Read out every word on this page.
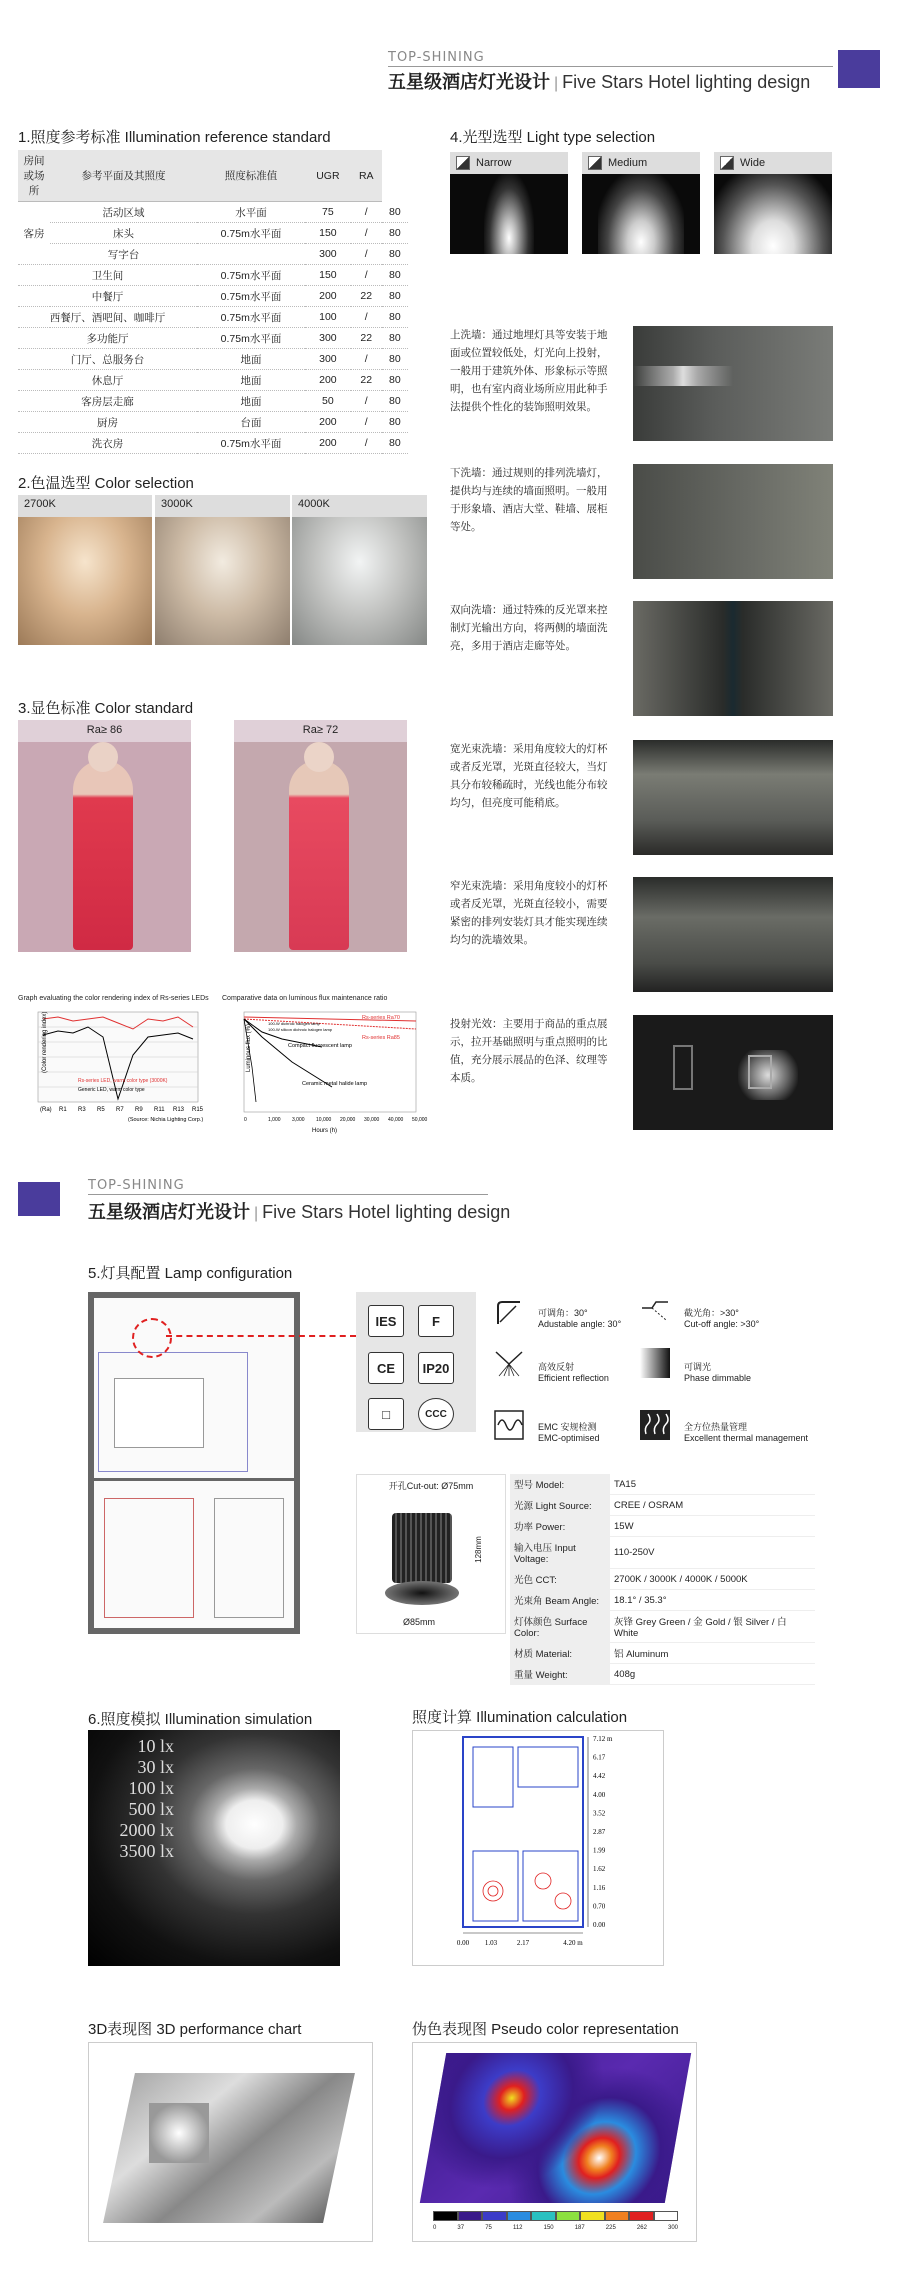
TOP-SHINING
五星级酒店灯光设计 | Five Stars Hotel lighting design
1.照度参考标准 Illumination reference standard
房间或场所	参考平面及其照度	照度标准值	UGR	RA	
客房	活动区域	水平面	75	/	80
	床头	0.75m水平面	150	/	80
	写字台		300	/	80
卫生间		0.75m水平面	150	/	80
中餐厅		0.75m水平面	200	22	80
西餐厅、酒吧间、咖啡厅		0.75m水平面	100	/	80
多功能厅		0.75m水平面	300	22	80
门厅、总服务台		地面	300	/	80
休息厅		地面	200	22	80
客房层走廊		地面	50	/	80
厨房		台面	200	/	80
洗衣房		0.75m水平面	200	/	80
2.色温选型 Color selection
2700K	3000K	4000K
3.显色标准 Color standard
Ra≥ 86	Ra≥ 72
Graph evaluating the color rendering index of Rs-series LEDs
(Color rendering index)
(Ra) R1 R3 R5 R7 R9 R11 R13 R15
Rs-series LED, warm color type (3000K)
Generic LED, warm color type
(Source: Nichia Lighting Corp.)
Comparative data on luminous flux maintenance ratio
Rs-series Ra70
Rs-series Ra85
Compact fluorescent lamp
Ceramic metal halide lamp
100-W dichroic halogen lamp
100-W silicon dichroic halogen lamp
Luminous flux (%)
Hours (h)
0	1,000 3,000 10,000 20,000 30,000 40,000 50,000
4.光型选型 Light type selection
Narrow	Medium	Wide
上洗墙：通过地埋灯具等安装于地面或位置较低处，灯光向上投射，一般用于建筑外体、形象标示等照明，也有室内商业场所应用此种手法提供个性化的装饰照明效果。
下洗墙：通过规则的排列洗墙灯，提供均与连续的墙面照明。一般用于形象墙、酒店大堂、鞋墙、展柜等处。
双向洗墙：通过特殊的反光罩来控制灯光输出方向，将两侧的墙面洗亮，多用于酒店走廊等处。
宽光束洗墙：采用角度较大的灯杯或者反光罩，光斑直径较大，当灯具分布较稀疏时，光线也能分布较均匀，但亮度可能稍底。
窄光束洗墙：采用角度较小的灯杯或者反光罩，光斑直径较小，需要紧密的排列安装灯具才能实现连续均匀的洗墙效果。
投射光效：主要用于商品的重点展示，拉开基础照明与重点照明的比值，充分展示展品的色泽、纹理等本质。
TOP-SHINING
五星级酒店灯光设计 | Five Stars Hotel lighting design
5.灯具配置 Lamp configuration
IES	F
CE	IP20
□	CCC
可调角：30°
Adustable angle: 30°
截光角：>30°
Cut-off angle: >30°
高效反射
Efficient reflection
可调光
Phase dimmable
EMC 安规检测
EMC-optimised
全方位热量管理
Excellent thermal management
开孔Cut-out: Ø75mm
128mm
Ø85mm
型号 Model:	TA15
光源 Light Source:	CREE / OSRAM
功率 Power:	15W
输入电压 Input Voltage:	110-250V
光色 CCT:	2700K / 3000K / 4000K / 5000K
光束角 Beam Angle:	18.1° / 35.3°
灯体颜色 Surface Color:	灰锋 Grey Green / 金 Gold / 银 Silver / 白 White
材质 Material:	铝 Aluminum
重量 Weight:	408g
6.照度模拟 Illumination simulation
10 lx
30 lx
100 lx
500 lx
2000 lx
3500 lx
照度计算 Illumination calculation
7.12 m
6.17
4.42
4.00
3.52
2.87
1.99
1.62
1.16
0.70
0.00
0.00 1.03	2.17	4.20 m
3D表现图 3D performance chart	伪色表现图 Pseudo color representation
0	37	75	112	150	187	225	262	300
